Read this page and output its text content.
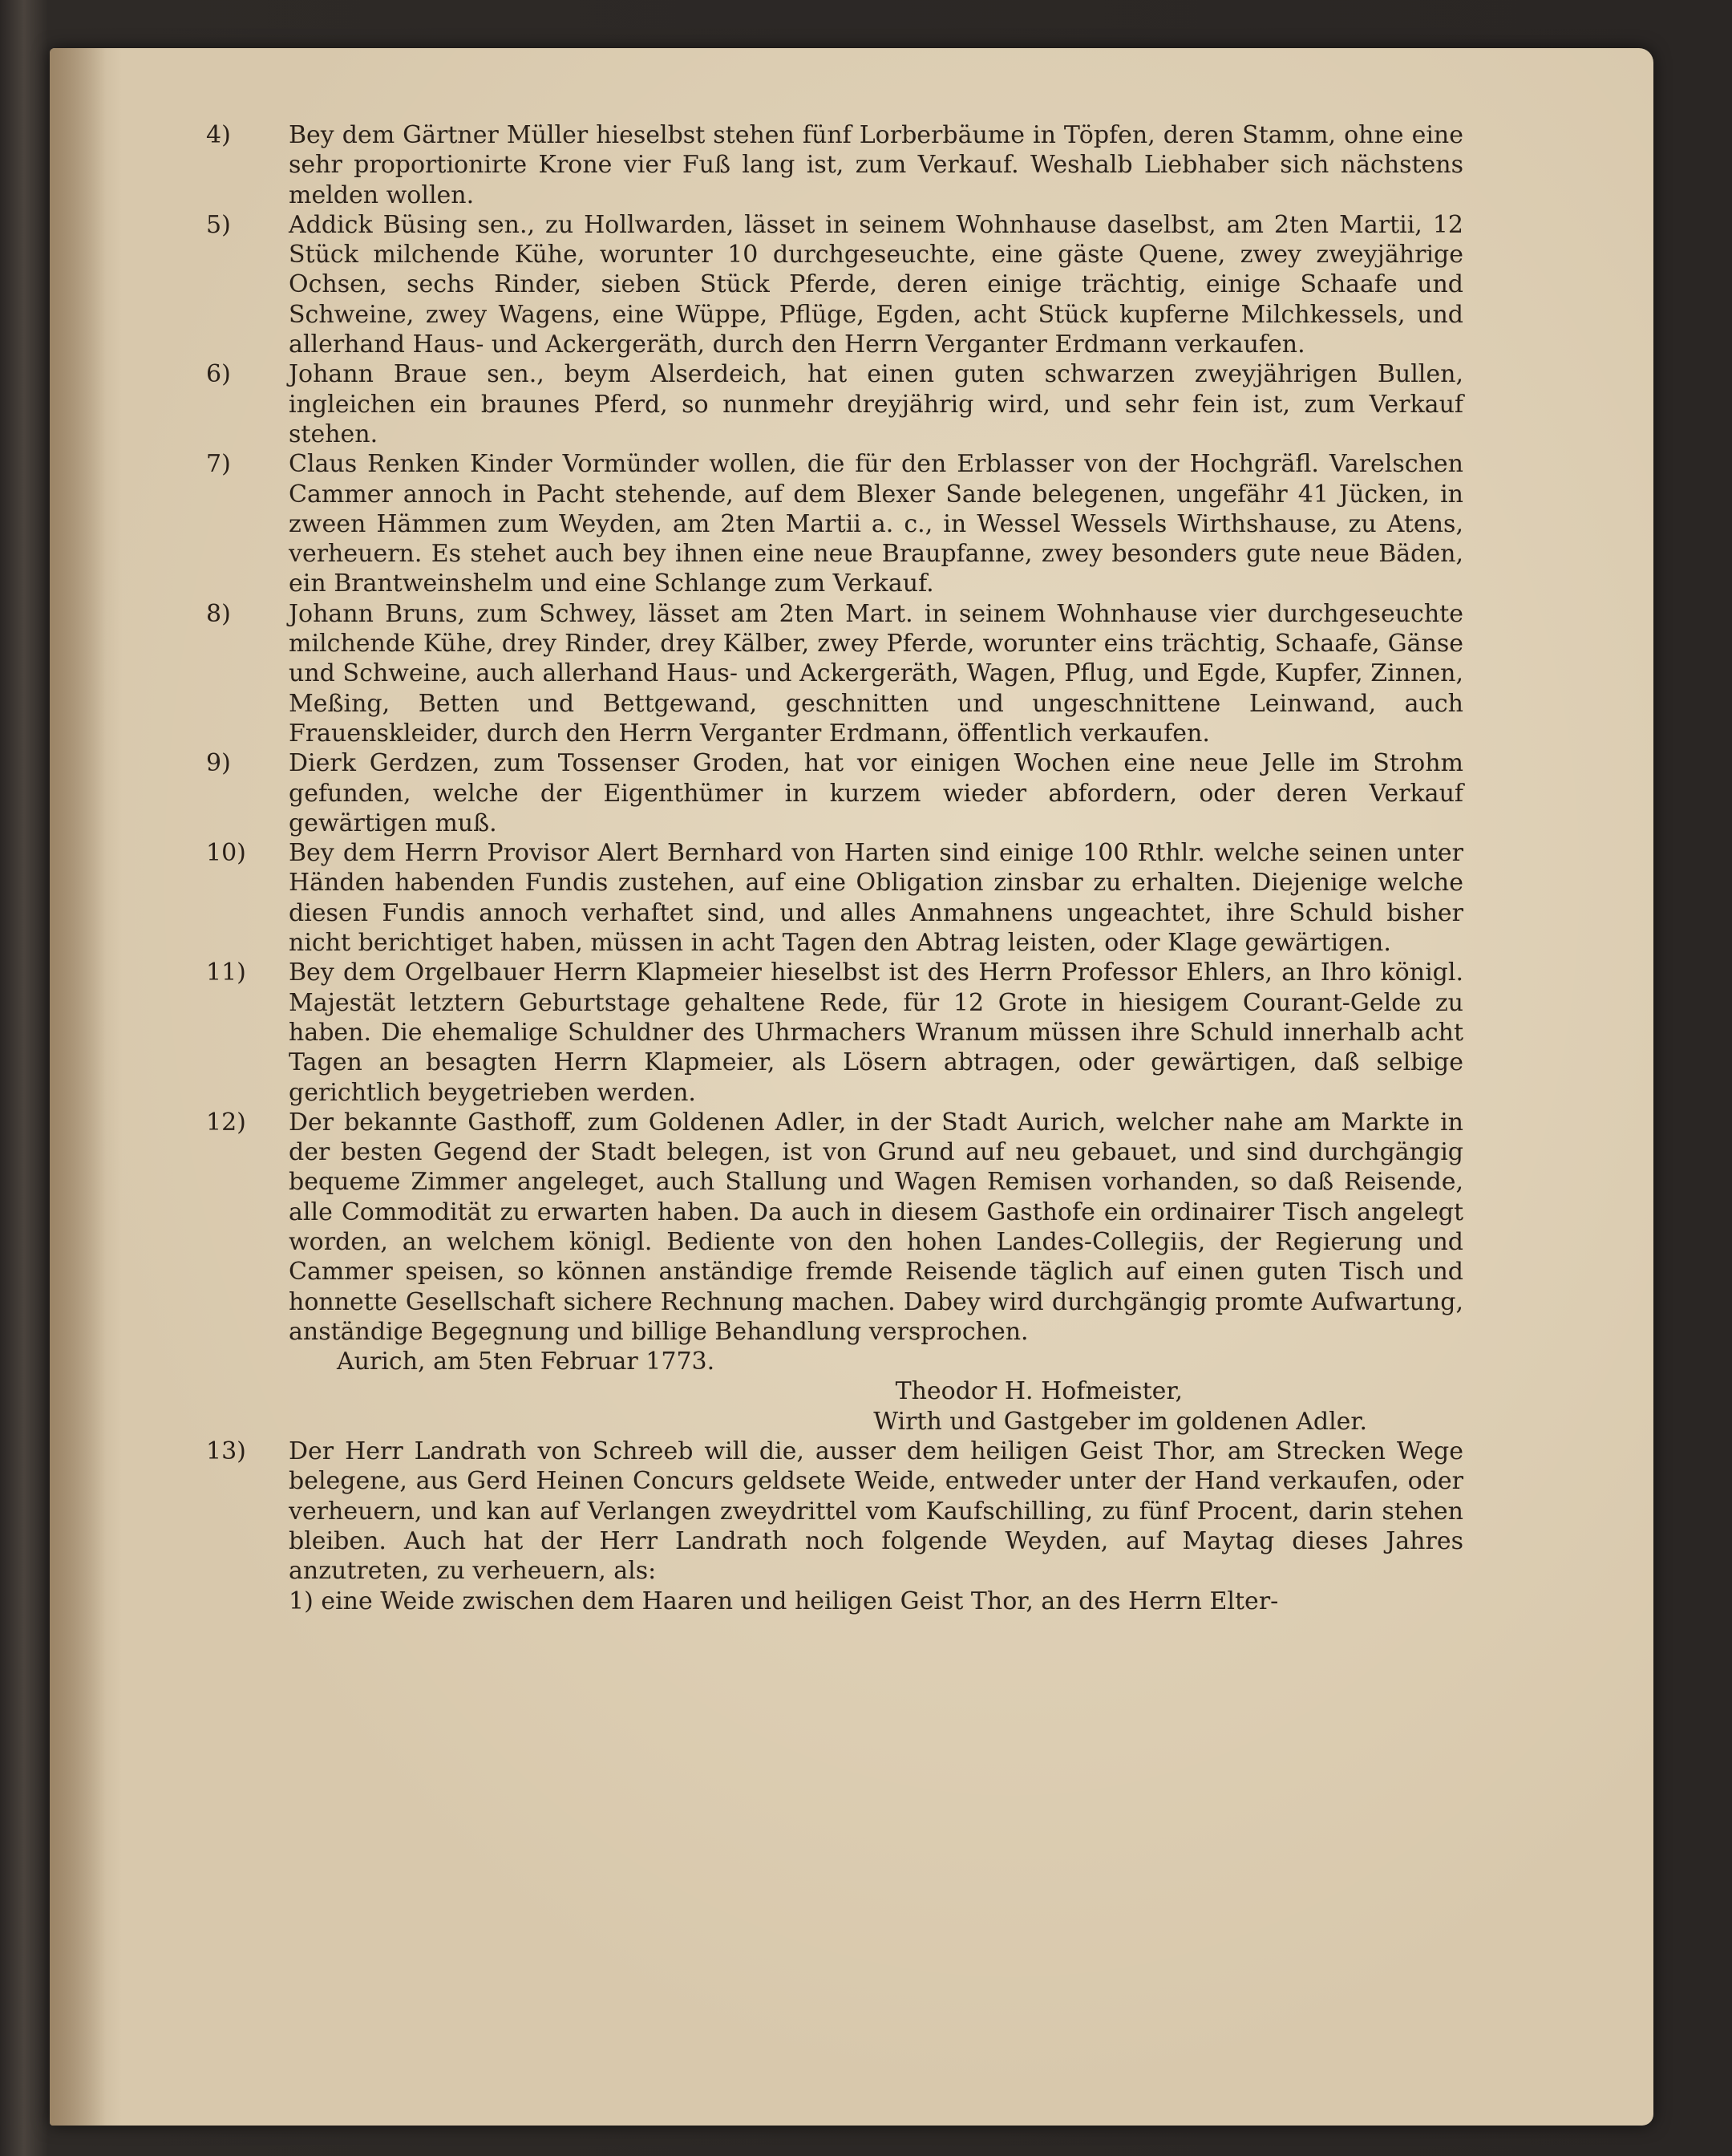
4)	Bey dem Gärtner Müller hieselbst stehen fünf Lorberbäume in Töpfen, deren Stamm, ohne eine sehr proportionirte Krone vier Fuß lang ist, zum Verkauf. Weshalb Liebhaber sich nächstens melden wollen.
5)	Addick Büsing sen., zu Hollwarden, lässet in seinem Wohnhause daselbst, am 2ten Martii, 12 Stück milchende Kühe, worunter 10 durchgeseuchte, eine gäste Quene, zwey zweyjährige Ochsen, sechs Rinder, sieben Stück Pferde, deren einige trächtig, einige Schaafe und Schweine, zwey Wagens, eine Wüppe, Pflüge, Egden, acht Stück kupferne Milchkessels, und allerhand Haus- und Ackergeräth, durch den Herrn Verganter Erdmann verkaufen.
6)	Johann Braue sen., beym Alserdeich, hat einen guten schwarzen zweyjährigen Bullen, ingleichen ein braunes Pferd, so nunmehr dreyjährig wird, und sehr fein ist, zum Verkauf stehen.
7)	Claus Renken Kinder Vormünder wollen, die für den Erblasser von der Hochgräfl. Varelschen Cammer annoch in Pacht stehende, auf dem Blexer Sande belegenen, ungefähr 41 Jücken, in zween Hämmen zum Weyden, am 2ten Martii a. c., in Wessel Wessels Wirthshause, zu Atens, verheuern. Es stehet auch bey ihnen eine neue Braupfanne, zwey besonders gute neue Bäden, ein Brantweinshelm und eine Schlange zum Verkauf.
8)	Johann Bruns, zum Schwey, lässet am 2ten Mart. in seinem Wohnhause vier durchgeseuchte milchende Kühe, drey Rinder, drey Kälber, zwey Pferde, worunter eins trächtig, Schaafe, Gänse und Schweine, auch allerhand Haus- und Ackergeräth, Wagen, Pflug, und Egde, Kupfer, Zinnen, Meßing, Betten und Bettgewand, geschnitten und ungeschnittene Leinwand, auch Frauenskleider, durch den Herrn Verganter Erdmann, öffentlich verkaufen.
9)	Dierk Gerdzen, zum Tossenser Groden, hat vor einigen Wochen eine neue Jelle im Strohm gefunden, welche der Eigenthümer in kurzem wieder abfordern, oder deren Verkauf gewärtigen muß.
10)	Bey dem Herrn Provisor Alert Bernhard von Harten sind einige 100 Rthlr. welche seinen unter Händen habenden Fundis zustehen, auf eine Obligation zinsbar zu erhalten. Diejenige welche diesen Fundis annoch verhaftet sind, und alles Anmahnens ungeachtet, ihre Schuld bisher nicht berichtiget haben, müssen in acht Tagen den Abtrag leisten, oder Klage gewärtigen.
11)	Bey dem Orgelbauer Herrn Klapmeier hieselbst ist des Herrn Professor Ehlers, an Ihro königl. Majestät letztern Geburtstage gehaltene Rede, für 12 Grote in hiesigem Courant-Gelde zu haben. Die ehemalige Schuldner des Uhrmachers Wranum müssen ihre Schuld innerhalb acht Tagen an besagten Herrn Klapmeier, als Lösern abtragen, oder gewärtigen, daß selbige gerichtlich beygetrieben werden.
12)	Der bekannte Gasthoff, zum Goldenen Adler, in der Stadt Aurich, welcher nahe am Markte in der besten Gegend der Stadt belegen, ist von Grund auf neu gebauet, und sind durchgängig bequeme Zimmer angeleget, auch Stallung und Wagen Remisen vorhanden, so daß Reisende, alle Commodität zu erwarten haben. Da auch in diesem Gasthofe ein ordinairer Tisch angelegt worden, an welchem königl. Bediente von den hohen Landes-Collegiis, der Regierung und Cammer speisen, so können anständige fremde Reisende täglich auf einen guten Tisch und honnette Gesellschaft sichere Rechnung machen. Dabey wird durchgängig promte Aufwartung, anständige Begegnung und billige Behandlung versprochen.
Aurich, am 5ten Februar 1773.
Theodor H. Hofmeister,
Wirth und Gastgeber im goldenen Adler.
13)	Der Herr Landrath von Schreeb will die, ausser dem heiligen Geist Thor, am Strecken Wege belegene, aus Gerd Heinen Concurs geldsete Weide, entweder unter der Hand verkaufen, oder verheuern, und kan auf Verlangen zweydrittel vom Kaufschilling, zu fünf Procent, darin stehen bleiben. Auch hat der Herr Landrath noch folgende Weyden, auf Maytag dieses Jahres anzutreten, zu verheuern, als:
1) eine Weide zwischen dem Haaren und heiligen Geist Thor, an des Herrn Elter-
